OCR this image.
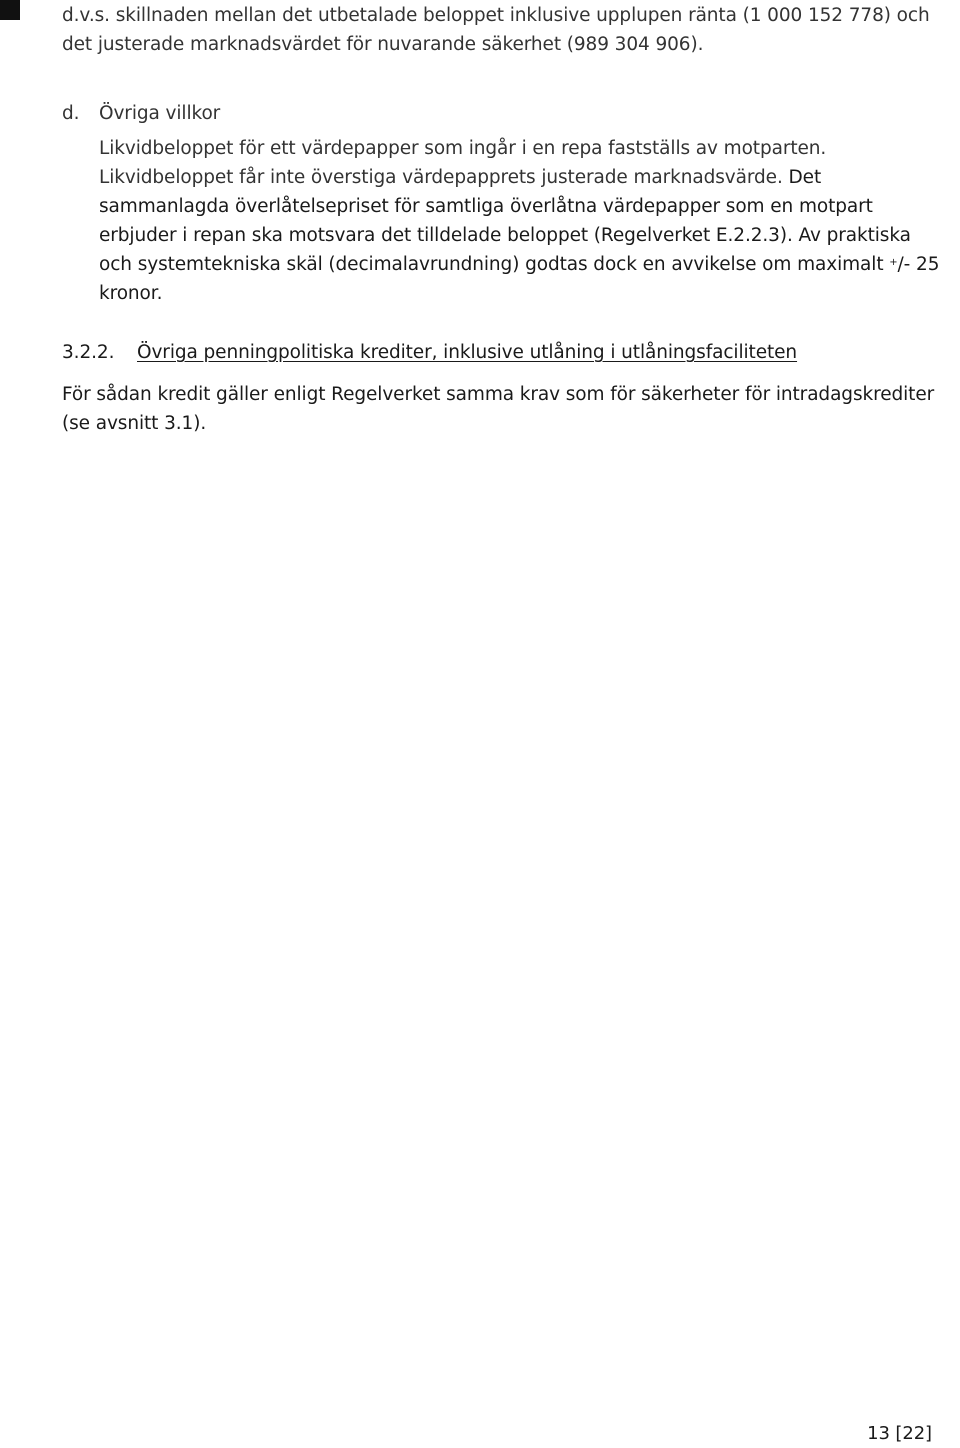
d.v.s. skillnaden mellan det utbetalade beloppet inklusive upplupen ränta (1 000 152 778) och
det justerade marknadsvärdet för nuvarande säkerhet (989 304 906).
d. Övriga villkor
Likvidbeloppet för ett värdepapper som ingår i en repa fastställs av motparten.
Likvidbeloppet får inte överstiga värdepapprets justerade marknadsvärde. Det
sammanlagda överlåtelsepriset för samtliga överlåtna värdepapper som en motpart
erbjuder i repan ska motsvara det tilldelade beloppet (Regelverket E.2.2.3). Av praktiska
och systemtekniska skäl (decimalavrundning) godtas dock en avvikelse om maximalt +/- 25
kronor.
3.2.2. Övriga penningpolitiska krediter, inklusive utlåning i utlåningsfaciliteten
För sådan kredit gäller enligt Regelverket samma krav som för säkerheter för intradagskrediter
(se avsnitt 3.1).
13 [22]
